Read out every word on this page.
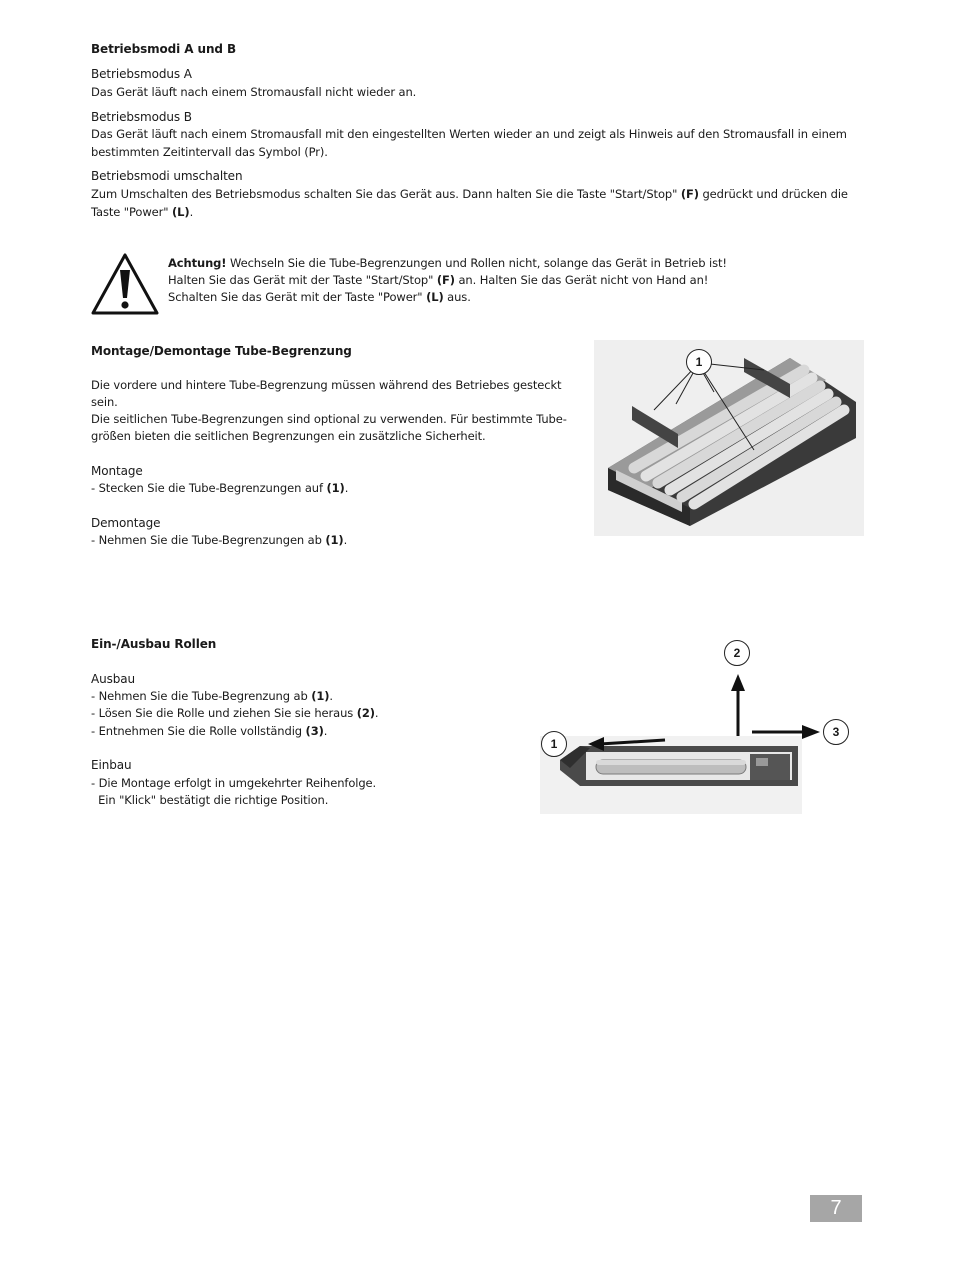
Betriebsmodi A und B
Betriebsmodus A
Das Gerät läuft nach einem Stromausfall nicht wieder an.
Betriebsmodus B
Das Gerät läuft nach einem Stromausfall mit den eingestellten Werten wieder an und zeigt als Hinweis auf den Stromausfall in einem
bestimmten Zeitintervall das Symbol (Pr).
Betriebsmodi umschalten
Zum Umschalten des Betriebsmodus schalten Sie das Gerät aus. Dann halten Sie die Taste "Start/Stop" (F) gedrückt und drücken die
Taste "Power" (L).
Achtung! Wechseln Sie die Tube-Begrenzungen und Rollen nicht, solange das Gerät in Betrieb ist!
Halten Sie das Gerät mit der Taste "Start/Stop" (F) an. Halten Sie das Gerät nicht von Hand an!
Schalten Sie das Gerät mit der Taste "Power" (L) aus.
Montage/Demontage Tube-Begrenzung
Die vordere und hintere Tube-Begrenzung müssen während des Betriebes gesteckt
sein.
Die seitlichen Tube-Begrenzungen sind optional zu verwenden. Für bestimmte Tube-
größen bieten die seitlichen Begrenzungen ein zusätzliche Sicherheit.
Montage
- Stecken Sie die Tube-Begrenzungen auf (1).
Demontage
- Nehmen Sie die Tube-Begrenzungen ab (1).
1
Ein-/Ausbau Rollen
Ausbau
- Nehmen Sie die Tube-Begrenzung ab (1).
- Lösen Sie die Rolle und ziehen Sie sie heraus (2).
- Entnehmen Sie die Rolle vollständig (3).
Einbau
- Die Montage erfolgt in umgekehrter Reihenfolge.
Ein "Klick" bestätigt die richtige Position.
1
2
3
7
